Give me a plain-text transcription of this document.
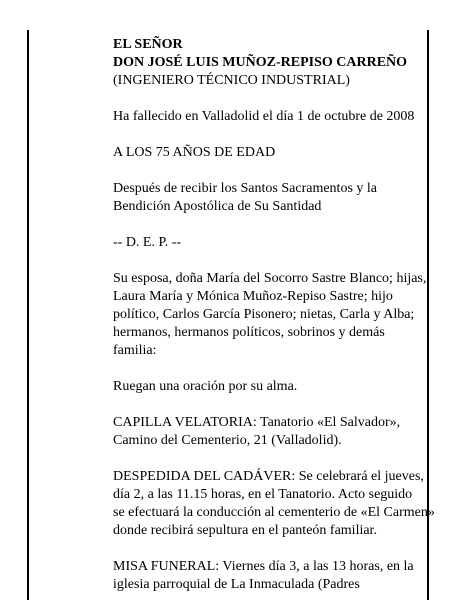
EL SEÑOR
DON JOSÉ LUIS MUÑOZ-REPISO CARREÑO
(INGENIERO TÉCNICO INDUSTRIAL)
Ha fallecido en Valladolid el día 1 de octubre de 2008
A LOS 75 AÑOS DE EDAD
Después de recibir los Santos Sacramentos y la
Bendición Apostólica de Su Santidad
-- D. E. P. --
Su esposa, doña María del Socorro Sastre Blanco; hijas,
Laura María y Mónica Muñoz-Repiso Sastre; hijo
político, Carlos García Pisonero; nietas, Carla y Alba;
hermanos, hermanos políticos, sobrinos y demás
familia:
Ruegan una oración por su alma.
CAPILLA VELATORIA: Tanatorio «El Salvador»,
Camino del Cementerio, 21 (Valladolid).
DESPEDIDA DEL CADÁVER: Se celebrará el jueves,
día 2, a las 11.15 horas, en el Tanatorio. Acto seguido
se efectuará la conducción al cementerio de «El Carmen»
donde recibirá sepultura en el panteón familiar.
MISA FUNERAL: Viernes día 3, a las 13 horas, en la
iglesia parroquial de La Inmaculada (Padres
